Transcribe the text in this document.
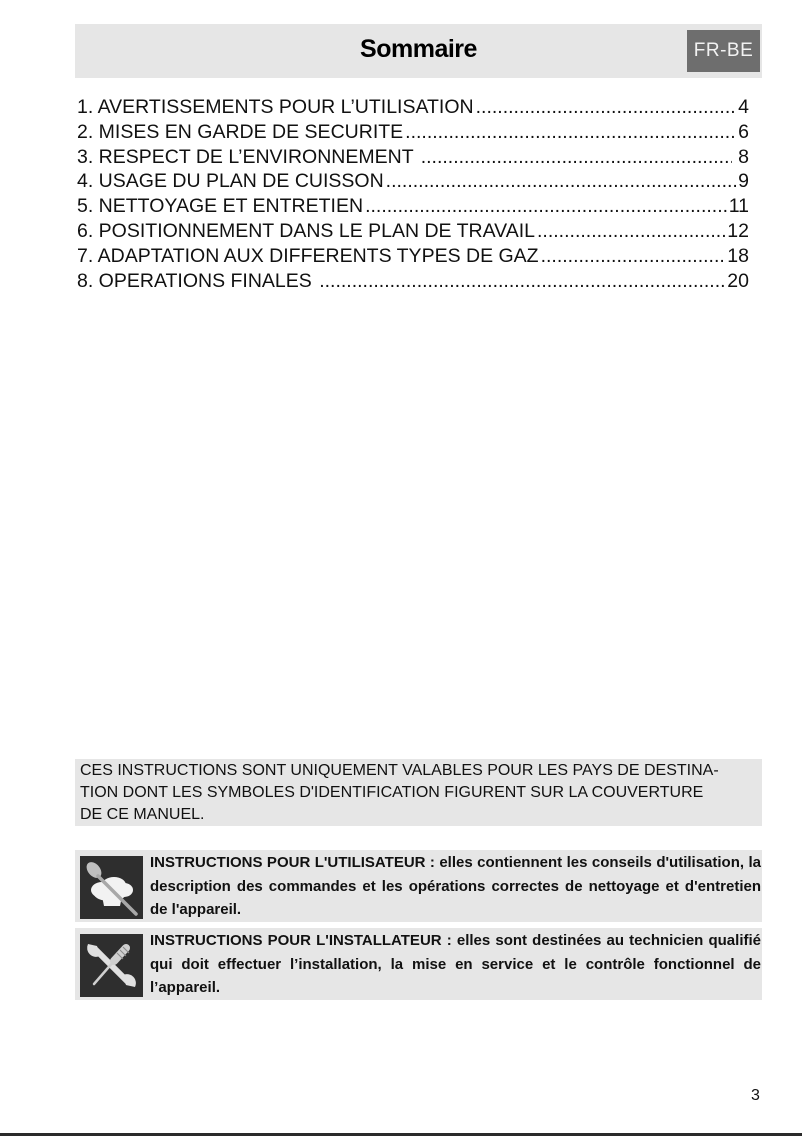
Sommaire	FR-BE
1. AVERTISSEMENTS POUR L’UTILISATION .....	4
2. MISES EN GARDE DE SECURITE .....	6
3. RESPECT DE L’ENVIRONNEMENT .....	8
4. USAGE DU PLAN DE CUISSON .....	9
5. NETTOYAGE ET ENTRETIEN .....	11
6. POSITIONNEMENT DANS LE PLAN DE TRAVAIL .....	12
7. ADAPTATION AUX DIFFERENTS TYPES DE GAZ .....	18
8. OPERATIONS FINALES .....	20
CES INSTRUCTIONS SONT UNIQUEMENT VALABLES POUR LES PAYS DE DESTINA-
TION DONT LES SYMBOLES D'IDENTIFICATION FIGURENT SUR LA COUVERTURE
DE CE MANUEL.
INSTRUCTIONS POUR L'UTILISATEUR : elles contiennent les conseils d'utilisation, la description des commandes et les opérations correctes de nettoyage et d'entretien de l'appareil.
INSTRUCTIONS POUR L'INSTALLATEUR : elles sont destinées au technicien qualifié qui doit effectuer l’installation, la mise en service et le contrôle fonctionnel de l’appareil.
3
